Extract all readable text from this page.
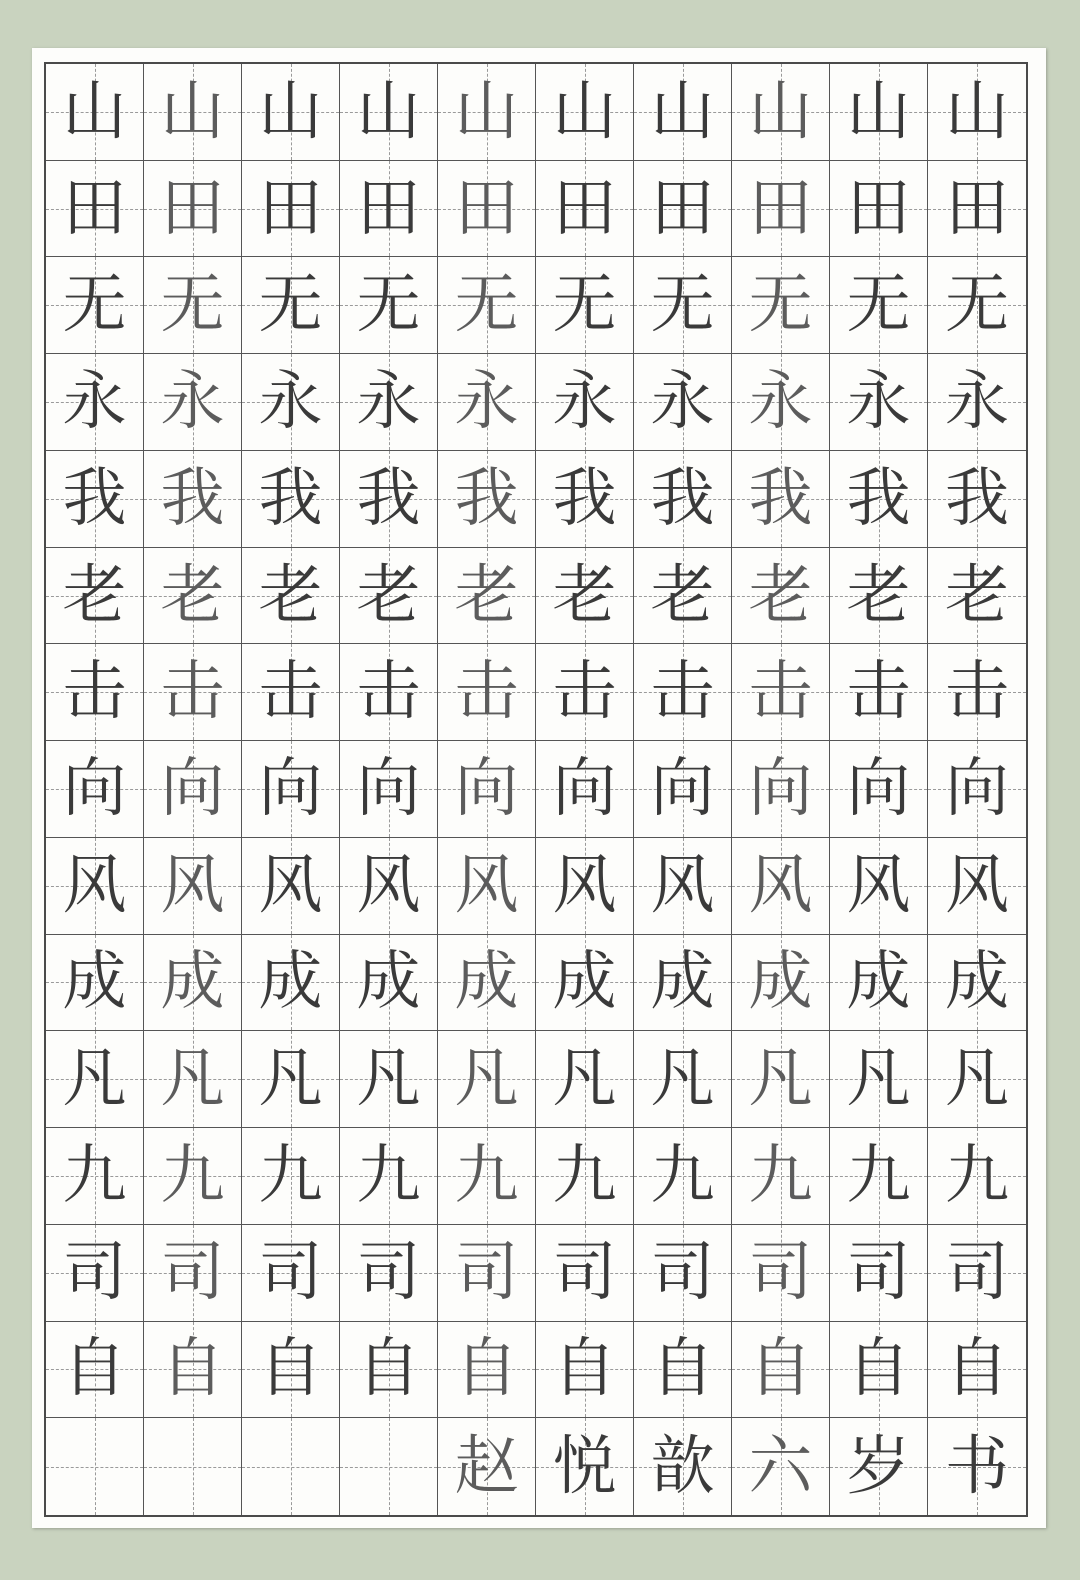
山 山 山 山 山 山 山 山 山 山
田 田 田 田 田 田 田 田 田 田
无 无 无 无 无 无 无 无 无 无
永 永 永 永 永 永 永 永 永 永
我 我 我 我 我 我 我 我 我 我
老 老 老 老 老 老 老 老 老 老
击 击 击 击 击 击 击 击 击 击
向 向 向 向 向 向 向 向 向 向
风 风 风 风 风 风 风 风 风 风
成 成 成 成 成 成 成 成 成 成
凡 凡 凡 凡 凡 凡 凡 凡 凡 凡
九 九 九 九 九 九 九 九 九 九
司 司 司 司 司 司 司 司 司 司
自 自 自 自 自 自 自 自 自 自
赵 悦 歆 六 岁 书
